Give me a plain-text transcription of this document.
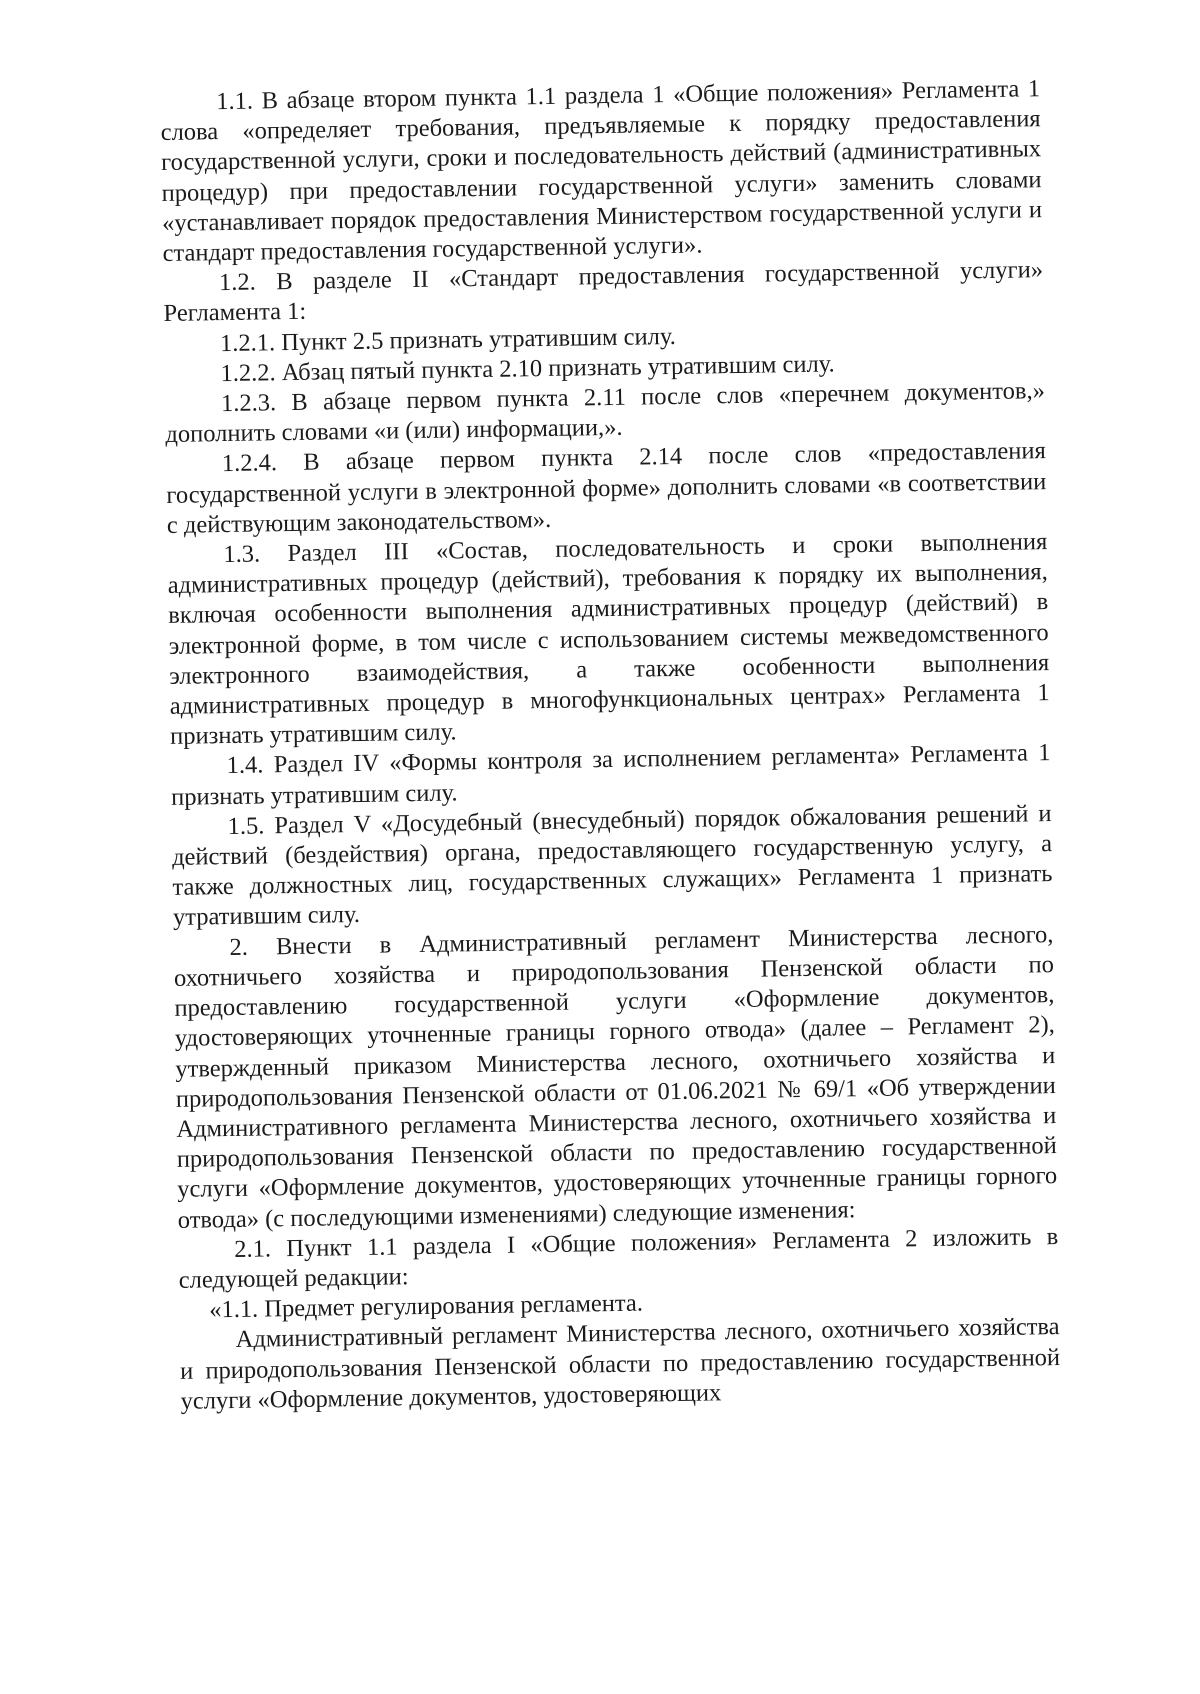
1.1. В абзаце втором пункта 1.1 раздела 1 «Общие положения» Регламента 1 слова «определяет требования, предъявляемые к порядку предоставления государственной услуги, сроки и последовательность действий (административных процедур) при предоставлении государственной услуги» заменить словами «устанавливает порядок предоставления Министерством государственной услуги и стандарт предоставления государственной услуги».

1.2. В разделе II «Стандарт предоставления государственной услуги» Регламента 1:

1.2.1. Пункт 2.5 признать утратившим силу.

1.2.2. Абзац пятый пункта 2.10 признать утратившим силу.

1.2.3. В абзаце первом пункта 2.11 после слов «перечнем документов,» дополнить словами «и (или) информации,».

1.2.4. В абзаце первом пункта 2.14 после слов «предоставления государственной услуги в электронной форме» дополнить словами «в соответствии с действующим законодательством».

1.3. Раздел III «Состав, последовательность и сроки выполнения административных процедур (действий), требования к порядку их выполнения, включая особенности выполнения административных процедур (действий) в электронной форме, в том числе с использованием системы межведомственного электронного взаимодействия, а также особенности выполнения административных процедур в многофункциональных центрах» Регламента 1 признать утратившим силу.

1.4. Раздел IV «Формы контроля за исполнением регламента» Регламента 1 признать утратившим силу.

1.5. Раздел V «Досудебный (внесудебный) порядок обжалования решений и действий (бездействия) органа, предоставляющего государственную услугу, а также должностных лиц, государственных служащих» Регламента 1 признать утратившим силу.

2. Внести в Административный регламент Министерства лесного, охотничьего хозяйства и природопользования Пензенской области по предоставлению государственной услуги «Оформление документов, удостоверяющих уточненные границы горного отвода» (далее – Регламент 2), утвержденный приказом Министерства лесного, охотничьего хозяйства и природопользования Пензенской области от 01.06.2021 № 69/1 «Об утверждении Административного регламента Министерства лесного, охотничьего хозяйства и природопользования Пензенской области по предоставлению государственной услуги «Оформление документов, удостоверяющих уточненные границы горного отвода» (с последующими изменениями) следующие изменения:

2.1. Пункт 1.1 раздела I «Общие положения» Регламента 2 изложить в следующей редакции:

«1.1. Предмет регулирования регламента.

Административный регламент Министерства лесного, охотничьего хозяйства и природопользования Пензенской области по предоставлению государственной услуги «Оформление документов, удостоверяющих
